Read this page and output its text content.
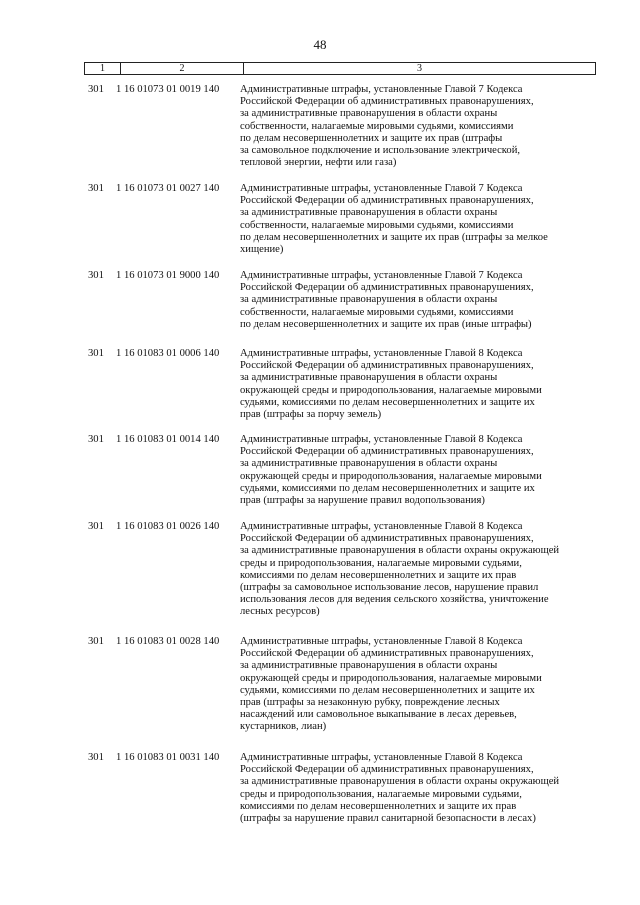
48
1	2	3
301	1 16 01073 01 0019 140	Административные штрафы, установленные Главой 7 Кодекса
Российской Федерации об административных правонарушениях,
за административные правонарушения в области охраны
собственности, налагаемые мировыми судьями, комиссиями
по делам несовершеннолетних и защите их прав (штрафы
за самовольное подключение и использование электрической,
тепловой энергии, нефти или газа)
301	1 16 01073 01 0027 140	Административные штрафы, установленные Главой 7 Кодекса
Российской Федерации об административных правонарушениях,
за административные правонарушения в области охраны
собственности, налагаемые мировыми судьями, комиссиями
по делам несовершеннолетних и защите их прав (штрафы за мелкое
хищение)
301	1 16 01073 01 9000 140	Административные штрафы, установленные Главой 7 Кодекса
Российской Федерации об административных правонарушениях,
за административные правонарушения в области охраны
собственности, налагаемые мировыми судьями, комиссиями
по делам несовершеннолетних и защите их прав (иные штрафы)
301	1 16 01083 01 0006 140	Административные штрафы, установленные Главой 8 Кодекса
Российской Федерации об административных правонарушениях,
за административные правонарушения в области охраны
окружающей среды и природопользования, налагаемые мировыми
судьями, комиссиями по делам несовершеннолетних и защите их
прав (штрафы за порчу земель)
301	1 16 01083 01 0014 140	Административные штрафы, установленные Главой 8 Кодекса
Российской Федерации об административных правонарушениях,
за административные правонарушения в области охраны
окружающей среды и природопользования, налагаемые мировыми
судьями, комиссиями по делам несовершеннолетних и защите их
прав (штрафы за нарушение правил водопользования)
301	1 16 01083 01 0026 140	Административные штрафы, установленные Главой 8 Кодекса
Российской Федерации об административных правонарушениях,
за административные правонарушения в области охраны окружающей
среды и природопользования, налагаемые мировыми судьями,
комиссиями по делам несовершеннолетних и защите их прав
(штрафы за самовольное использование лесов, нарушение правил
использования лесов для ведения сельского хозяйства, уничтожение
лесных ресурсов)
301	1 16 01083 01 0028 140	Административные штрафы, установленные Главой 8 Кодекса
Российской Федерации об административных правонарушениях,
за административные правонарушения в области охраны
окружающей среды и природопользования, налагаемые мировыми
судьями, комиссиями по делам несовершеннолетних и защите их
прав (штрафы за незаконную рубку, повреждение лесных
насаждений или самовольное выкапывание в лесах деревьев,
кустарников, лиан)
301	1 16 01083 01 0031 140	Административные штрафы, установленные Главой 8 Кодекса
Российской Федерации об административных правонарушениях,
за административные правонарушения в области охраны окружающей
среды и природопользования, налагаемые мировыми судьями,
комиссиями по делам несовершеннолетних и защите их прав
(штрафы за нарушение правил санитарной безопасности в лесах)
